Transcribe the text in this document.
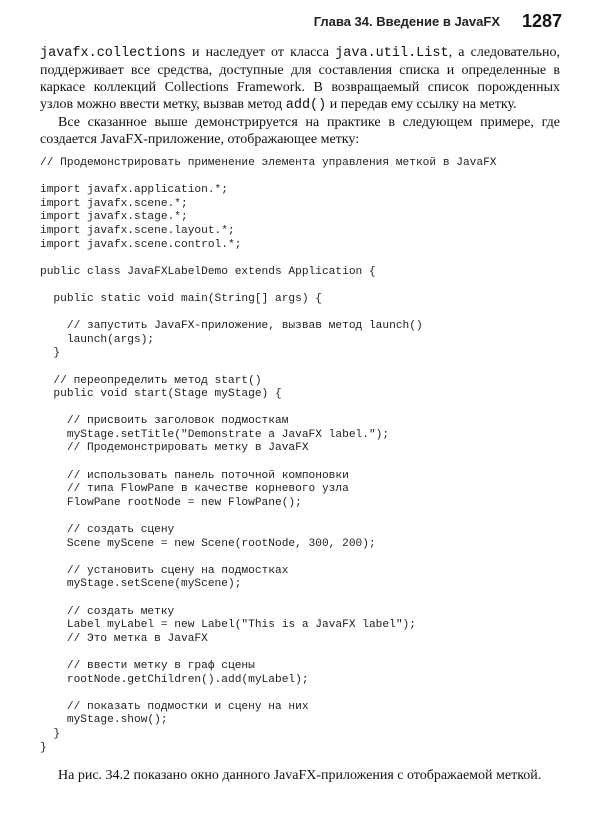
Глава 34. Введение в JavaFX 1287

javafx.collections и наследует от класса java.util.List, а следовательно, поддерживает все средства, доступные для составления списка и определенные в каркасе коллекций Collections Framework. В возвращаемый список порожденных узлов можно ввести метку, вызвав метод add() и передав ему ссылку на метку.

Все сказанное выше демонстрируется на практике в следующем примере, где создается JavaFX-приложение, отображающее метку:

// Продемонстрировать применение элемента управления меткой в JavaFX
import javafx.application.*;
import javafx.scene.*;
import javafx.stage.*;
import javafx.scene.layout.*;
import javafx.scene.control.*;
public class JavaFXLabelDemo extends Application {
public static void main(String[] args) {
// запустить JavaFX-приложение, вызвав метод launch()
launch(args);
}
// переопределить метод start()
public void start(Stage myStage) {
// присвоить заголовок подмосткам
myStage.setTitle("Demonstrate a JavaFX label.");
// Продемонстрировать метку в JavaFX
// использовать панель поточной компоновки
// типа FlowPane в качестве корневого узла
FlowPane rootNode = new FlowPane();
// создать сцену
Scene myScene = new Scene(rootNode, 300, 200);
// установить сцену на подмостках
myStage.setScene(myScene);
// создать метку
Label myLabel = new Label("This is a JavaFX label");
// Это метка в JavaFX
// ввести метку в граф сцены
rootNode.getChildren().add(myLabel);
// показать подмостки и сцену на них
myStage.show();
}
}
На рис. 34.2 показано окно данного JavaFX-приложения с отображаемой меткой.
